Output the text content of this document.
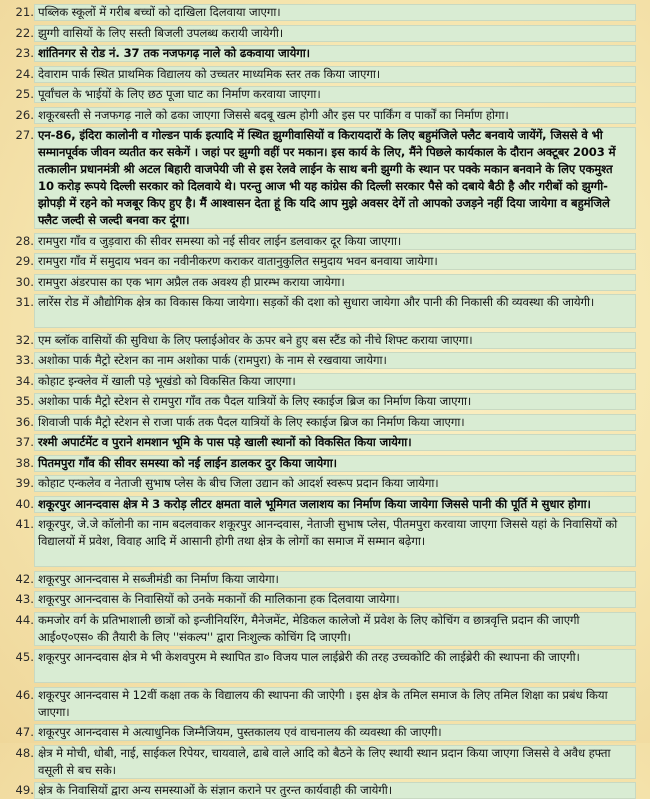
21. पब्लिक स्कूलों में गरीब बच्चों को दाखिला दिलवाया जाएगा।
22. झुग्गी वासियों के लिए सस्ती बिजली उपलब्ध करायी जायेगी।
23. शांतिनगर से रोड नं. 37 तक नजफगढ़ नाले को ढकवाया जायेगा।
24. देवाराम पार्क स्थित प्राथमिक विद्यालय को उच्चतर माध्यमिक स्तर तक किया जाएगा।
25. पूर्वांचल के भाईयों के लिए छठ पूजा घाट का निर्माण करवाया जाएगा।
26. शकूरबस्ती से नजफगढ़ नाले को ढका जाएगा जिससे बदबू खत्म होगी और इस पर पार्किंग व पार्कों का निर्माण होगा।
27. एन-86, इंदिरा कालोनी व गोल्डन पार्क इत्यादि में स्थित झुग्गीवासियों व किरायदारों के लिए बहुमंजिले फ्लैट बनवाये जायेंगें, जिससे वे भी सम्मानपूर्वक जीवन व्यतीत कर सकेगें । जहां पर झुग्गी वहीं पर मकान। इस कार्य के लिए, मैंने पिछले कार्यकाल के दौरान अक्टूबर 2003 में तत्कालीन प्रधानमंत्री श्री अटल बिहारी वाजपेयी जी से इस रेलवे लाईन के साथ बनी झुग्गी के स्थान पर पक्के मकान बनवाने के लिए एकमुश्त 10 करोड़ रूपये दिल्ली सरकार को दिलवाये थे। परन्तु आज भी यह कांग्रेस की दिल्ली सरकार पैसे को दबाये बैठी है और गरीबों को झुग्गी-झोपड़ी में रहने को मजबूर किए हुए है। मैं आश्वासन देता हूं कि यदि आप मुझे अवसर देगें तो आपको उजड़ने नहीं दिया जायेगा व बहुमंजिले फ्लैट जल्दी से जल्दी बनवा कर दूंगा।
28. रामपुरा गाँव व जुड़वारा की सीवर समस्या को नई सीवर लाईन डलवाकर दूर किया जाएगा।
29. रामपुरा गाँव में समुदाय भवन का नवीनीकरण कराकर वातानुकुलित समुदाय भवन बनवाया जायेगा।
30. रामपुरा अंडरपास का एक भाग अप्रैल तक अवश्य ही प्रारम्भ कराया जायेगा।
31. लारेंस रोड में औद्योगिक क्षेत्र का विकास किया जायेगा। सड़कों की दशा को सुधारा जायेगा और पानी की निकासी की व्यवस्था की जायेगी।
32. एम ब्लॉक वासियों की सुविधा के लिए फ्लाईओवर के ऊपर बने हुए बस स्टैंड को नीचे शिफ्ट कराया जाएगा।
33. अशोका पार्क मैट्रो स्टेशन का नाम अशोका पार्क (रामपुरा) के नाम से रखवाया जायेगा।
34. कोहाट इन्क्लेव में खाली पड़े भूखंडो को विकसित किया जाएगा।
35. अशोका पार्क मैट्रो स्टेशन से रामपुरा गाँव तक पैदल यात्रियों के लिए स्काईज ब्रिज का निर्माण किया जाएगा।
36. शिवाजी पार्क मैट्रो स्टेशन से राजा पार्क तक पैदल यात्रियों के लिए स्काईज ब्रिज का निर्माण किया जाएगा।
37. रश्मी अपार्टमेंट व पुराने शमशान भूमि के पास पड़े खाली स्थानों को विकसित किया जायेगा।
38. पितमपुरा गाँव की सीवर समस्या को नई लाईन डालकर दुर किया जायेगा।
39. कोहाट एन्कलेव व नेताजी सुभाष प्लेस के बीच जिला उद्यान को आदर्श स्वरूप प्रदान किया जायेगा।
40. शकूरपुर आनन्दवास क्षेत्र मे 3 करोड़ लीटर क्षमता वाले भूमिगत जलाशय का निर्माण किया जायेगा जिससे पानी की पूर्ति मे सुधार होगा।
41. शकूरपुर, जे.जे कॉलोनी का नाम बदलवाकर शकूरपुर आनन्दवास, नेताजी सुभाष प्लेस, पीतमपुरा करवाया जाएगा जिससे यहां के निवासियों को विद्यालयों में प्रवेश, विवाह आदि में आसानी होगी तथा क्षेत्र के लोगों का समाज में सम्मान बढ़ेगा।
42. शकूरपुर आनन्दवास मे सब्जीमंडी का निर्माण किया जायेगा।
43. शकूरपुर आनन्दवास के निवासियों को उनके मकानों की मालिकाना हक दिलवाया जायेगा।
44. कमजोर वर्ग के प्रतिभाशाली छात्रों को इन्जीनियरिंग, मैनेजमेंट, मेडिकल कालेजो में प्रवेश के लिए कोचिंग व छात्रवृत्ति प्रदान की जाएगी आई०ए०एस० की तैयारी के लिए ''संकल्प'' द्वारा निःशुल्क कोचिंग दि जाएगी।
45. शकूरपुर आनन्दवास क्षेत्र मे भी केशवपुरम मे स्थापित डा० विजय पाल लाईब्रेरी की तरह उच्चकोटि की लाईब्रेरी की स्थापना की जाएगी।
46. शकूरपुर आनन्दवास मे 12वीं कक्षा तक के विद्यालय की स्थापना की जाऐगी । इस क्षेत्र के तमिल समाज के लिए तमिल शिक्षा का प्रबंध किया जाएगा।
47. शकूरपुर आनन्दवास मे अत्याधुनिक जिम्नैजियम, पुस्तकालय एवं वाचनालय की व्यवस्था की जाएगी।
48. क्षेत्र मे मोची, धोबी, नाई, साईकल रिपेयर, चायवाले, ढाबे वाले आदि को बैठने के लिए स्थायी स्थान प्रदान किया जाएगा जिससे वे अवैध हफ्ता वसूली से बच सके।
49. क्षेत्र के निवासियों द्वारा अन्य समस्याओं के संज्ञान कराने पर तुरन्त कार्यवाही की जायेगी।
